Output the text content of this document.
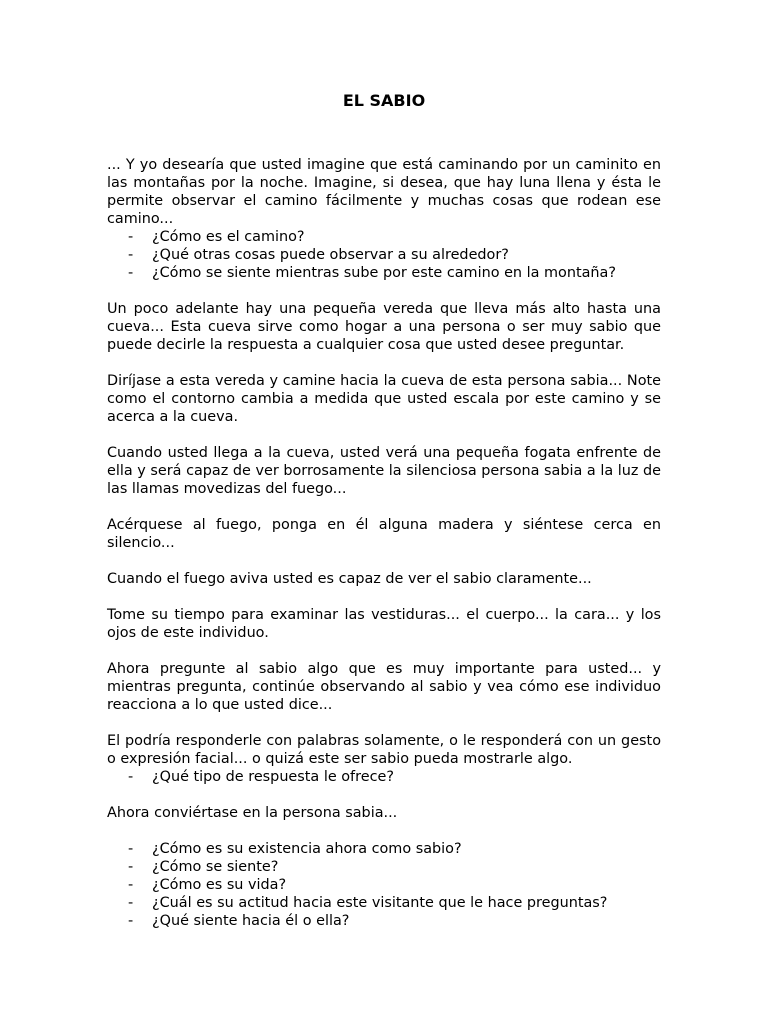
EL SABIO

... Y yo desearía que usted imagine que está caminando por un caminito en las montañas por la noche. Imagine, si desea, que hay luna llena y ésta le permite observar el camino fácilmente y muchas cosas que rodean ese camino...

- ¿Cómo es el camino?
- ¿Qué otras cosas puede observar a su alrededor?
- ¿Cómo se siente mientras sube por este camino en la montaña?

Un poco adelante hay una pequeña vereda que lleva más alto hasta una cueva... Esta cueva sirve como hogar a una persona o ser muy sabio que puede decirle la respuesta a cualquier cosa que usted desee preguntar.

Diríjase a esta vereda y camine hacia la cueva de esta persona sabia... Note como el contorno cambia a medida que usted escala por este camino y se acerca a la cueva.

Cuando usted llega a la cueva, usted verá una pequeña fogata enfrente de ella y será capaz de ver borrosamente la silenciosa persona sabia a la luz de las llamas movedizas del fuego...

Acérquese al fuego, ponga en él alguna madera y siéntese cerca en silencio...

Cuando el fuego aviva usted es capaz de ver el sabio claramente...

Tome su tiempo para examinar las vestiduras... el cuerpo... la cara... y los ojos de este individuo.

Ahora pregunte al sabio algo que es muy importante para usted... y mientras pregunta, continúe observando al sabio y vea cómo ese individuo reacciona a lo que usted dice...

El podría responderle con palabras solamente, o le responderá con un gesto o expresión facial... o quizá este ser sabio pueda mostrarle algo.

- ¿Qué tipo de respuesta le ofrece?

Ahora conviértase en la persona sabia...

- ¿Cómo es su existencia ahora como sabio?
- ¿Cómo se siente?
- ¿Cómo es su vida?
- ¿Cuál es su actitud hacia este visitante que le hace preguntas?
- ¿Qué siente hacia él o ella?
